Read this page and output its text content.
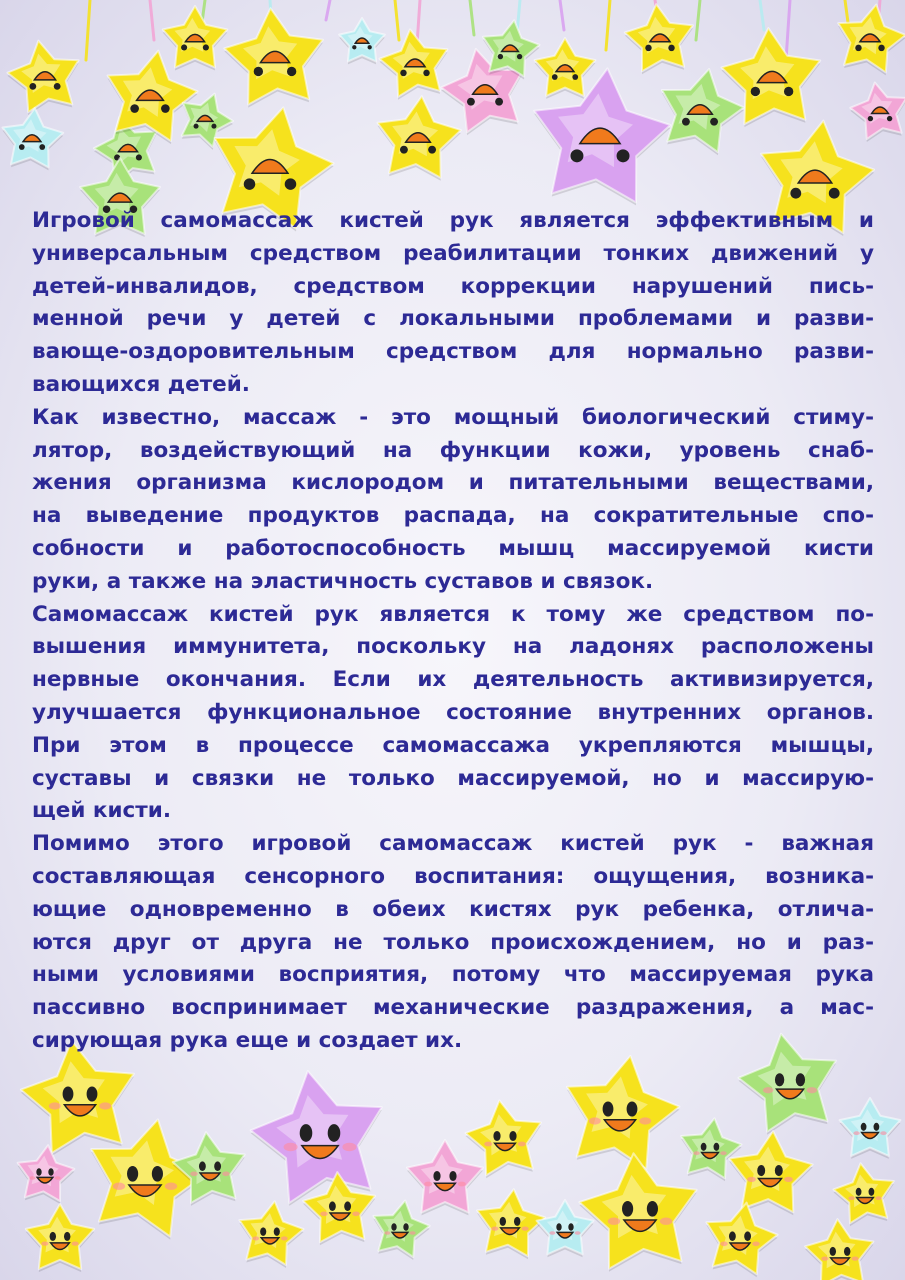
Игровой самомассаж кистей рук является эффективным и
универсальным средством реабилитации тонких движений у
детей-инвалидов, средством коррекции нарушений пись-
менной речи у детей с локальными проблемами и разви-
вающе-оздоровительным средством для нормально разви-
вающихся детей.
Как известно, массаж - это мощный биологический стиму-
лятор, воздействующий на функции кожи, уровень снаб-
жения организма кислородом и питательными веществами,
на выведение продуктов распада, на сократительные спо-
собности и работоспособность мышц массируемой кисти
руки, а также на эластичность суставов и связок.
Самомассаж кистей рук является к тому же средством по-
вышения иммунитета, поскольку на ладонях расположены
нервные окончания. Если их деятельность активизируется,
улучшается функциональное состояние внутренних органов.
При этом в процессе самомассажа укрепляются мышцы,
суставы и связки не только массируемой, но и массирую-
щей кисти.
Помимо этого игровой самомассаж кистей рук - важная
составляющая сенсорного воспитания: ощущения, возника-
ющие одновременно в обеих кистях рук ребенка, отлича-
ются друг от друга не только происхождением, но и раз-
ными условиями восприятия, потому что массируемая рука
пассивно воспринимает механические раздражения, а мас-
сирующая рука еще и создает их.
